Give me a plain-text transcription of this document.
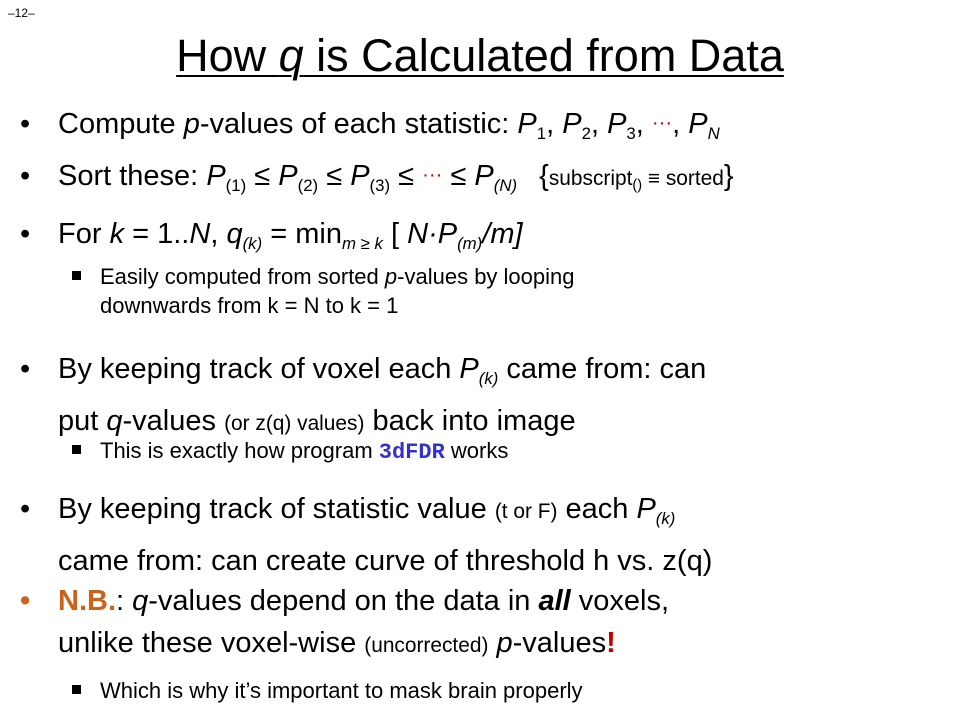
–12–
How q is Calculated from Data
• Compute p-values of each statistic: $P_1$, $P_2$, $P_3$, ···, $P_N$
• Sort these: $P_{(1)} \le P_{(2)} \le P_{(3)}$ ≤ ··· ≤ $P_{(N)}$ {subscript() ≡ sorted}
• For k = 1..N, $q_{(k)} = \min_{m \ge k}$ [ $N\cdot P_{(m)}/m$]
Easily computed from sorted p-values by looping
downwards from k = N to k = 1
• By keeping track of voxel each $P_{(k)}$ came from: can
put q-values (or z(q) values) back into image
This is exactly how program 3dFDR works
• By keeping track of statistic value (t or F) each $P_{(k)}$
came from: can create curve of threshold h vs. z(q)
• N.B.: q-values depend on the data in all voxels,
unlike these voxel-wise (uncorrected) p-values!
Which is why it’s important to mask brain properly
